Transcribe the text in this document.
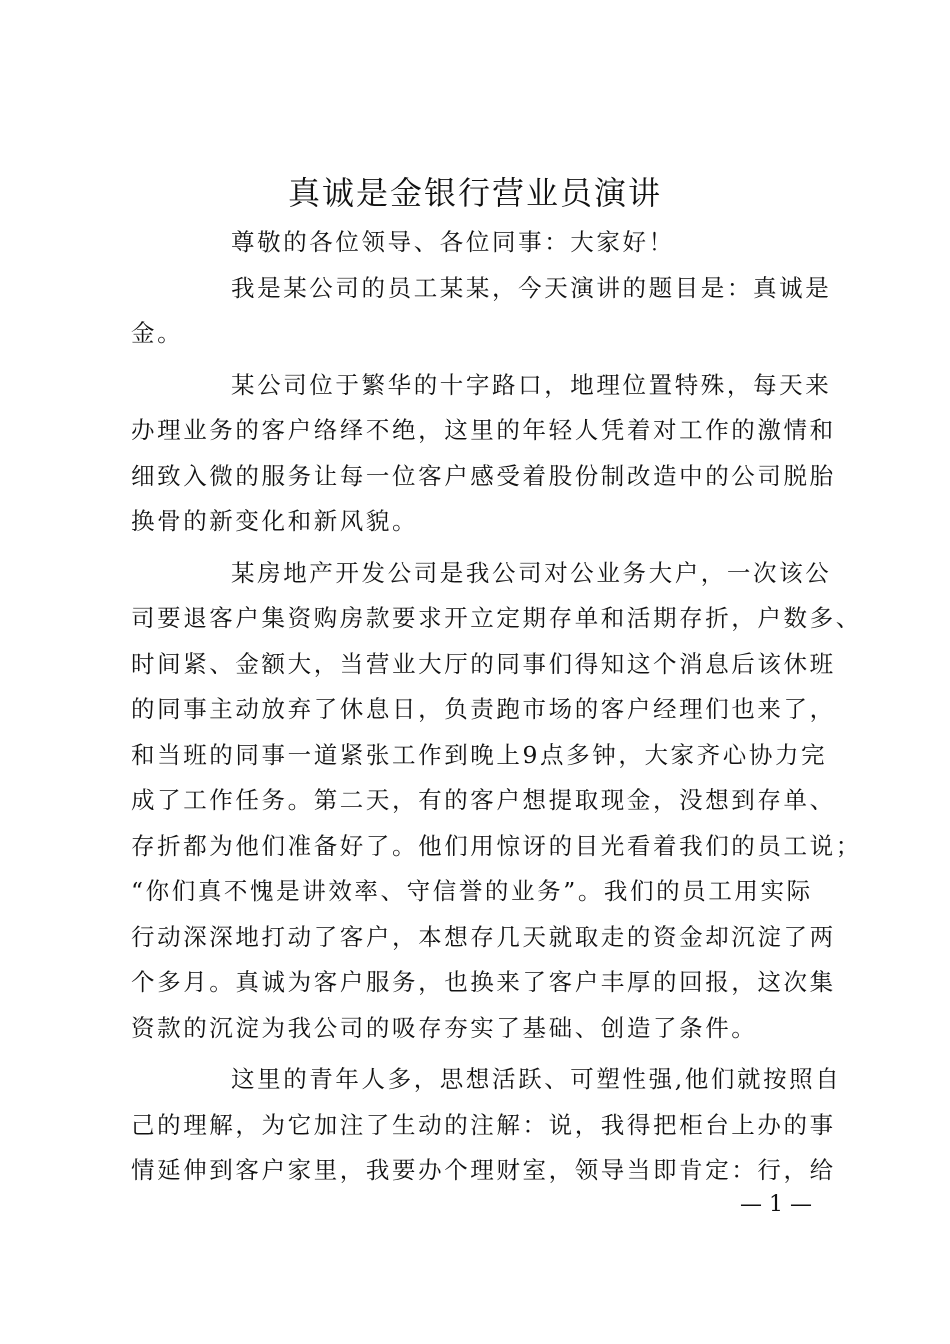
真诚是金银行营业员演讲
尊敬的各位领导、各位同事：大家好！
我是某公司的员工某某，今天演讲的题目是：真诚是
金。
某公司位于繁华的十字路口，地理位置特殊，每天来
办理业务的客户络绎不绝，这里的年轻人凭着对工作的激情和
细致入微的服务让每一位客户感受着股份制改造中的公司脱胎
换骨的新变化和新风貌。
某房地产开发公司是我公司对公业务大户，一次该公
司要退客户集资购房款要求开立定期存单和活期存折，户数多、
时间紧、金额大，当营业大厅的同事们得知这个消息后该休班
的同事主动放弃了休息日，负责跑市场的客户经理们也来了，
和当班的同事一道紧张工作到晚上9点多钟，大家齐心协力完
成了工作任务。第二天，有的客户想提取现金，没想到存单、
存折都为他们准备好了。他们用惊讶的目光看着我们的员工说；
“你们真不愧是讲效率、守信誉的业务”。我们的员工用实际
行动深深地打动了客户，本想存几天就取走的资金却沉淀了两
个多月。真诚为客户服务，也换来了客户丰厚的回报，这次集
资款的沉淀为我公司的吸存夯实了基础、创造了条件。
这里的青年人多，思想活跃、可塑性强,他们就按照自
己的理解，为它加注了生动的注解：说，我得把柜台上办的事
情延伸到客户家里，我要办个理财室，领导当即肯定：行，给
— 1 —
